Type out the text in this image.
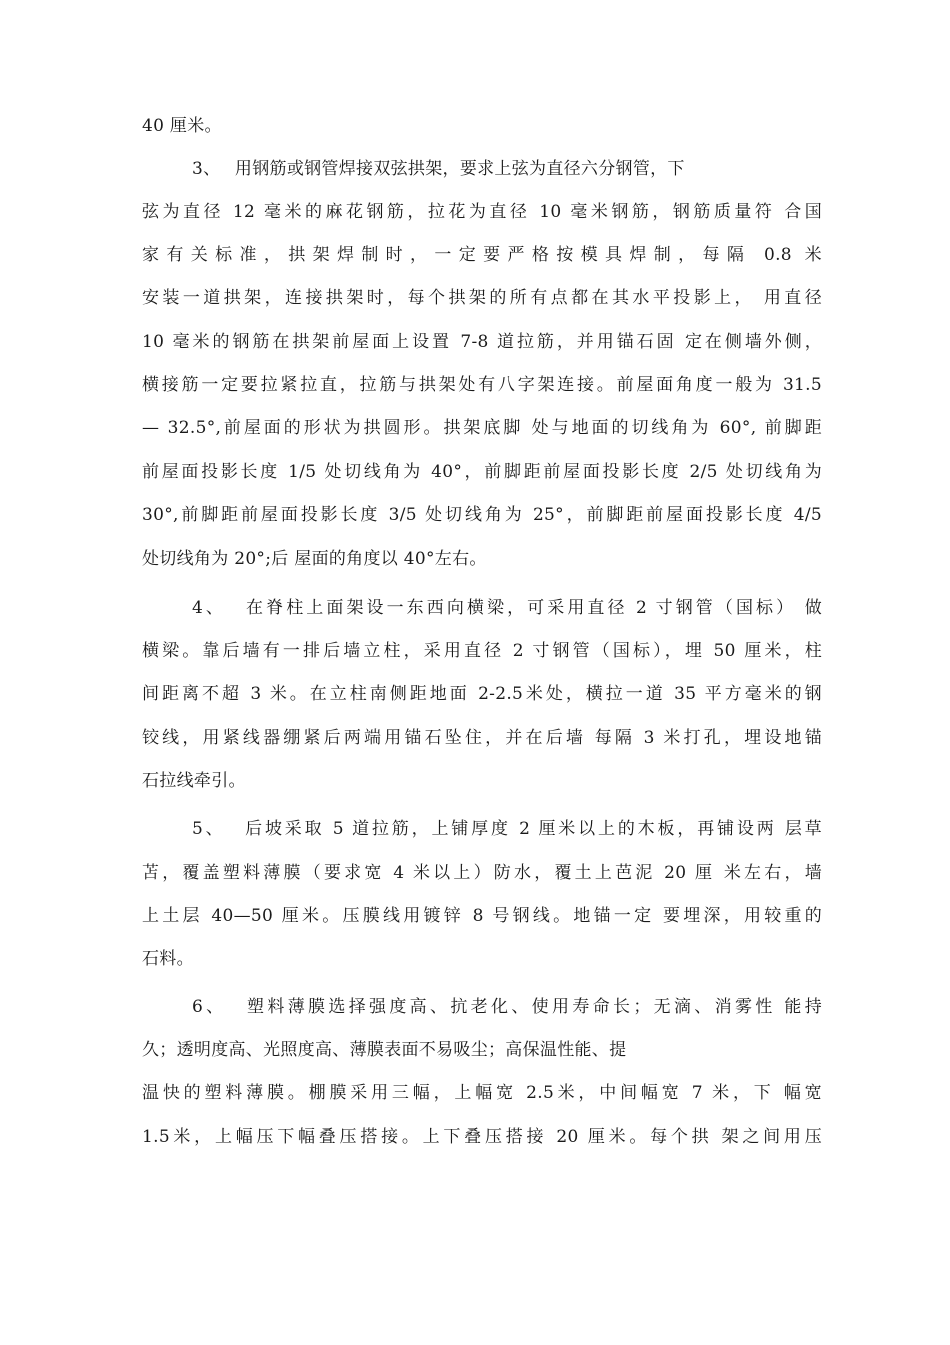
40 厘米。
3、　 用钢筋或钢管焊接双弦拱架，要求上弦为直径六分钢管，下
弦为直径 12 毫米的麻花钢筋，拉花为直径 10 毫米钢筋，钢筋质量符 合国
家有关标准，拱架焊制时，一定要严格按模具焊制，每隔 0.8 米
安装一道拱架，连接拱架时，每个拱架的所有点都在其水平投影上， 用直径
10 毫米的钢筋在拱架前屋面上设置 7-8 道拉筋，并用锚石固 定在侧墙外侧，
横接筋一定要拉紧拉直，拉筋与拱架处有八字架连接。前屋面角度一般为 31.5
— 32.5°,前屋面的形状为拱圆形。拱架底脚 处与地面的切线角为 60°, 前脚距
前屋面投影长度 1/5 处切线角为 40°，前脚距前屋面投影长度 2/5 处切线角为
30°,前脚距前屋面投影长度 3/5 处切线角为 25°，前脚距前屋面投影长度 4/5
处切线角为 20°;后 屋面的角度以 40°左右。
4、　 在脊柱上面架设一东西向横梁，可采用直径 2 寸钢管（国标） 做
横梁。靠后墙有一排后墙立柱，采用直径 2 寸钢管（国标），埋 50 厘米，柱
间距离不超 3 米。在立柱南侧距地面 2-2.5米处，横拉一道 35 平方毫米的钢
铰线，用紧线器绷紧后两端用锚石坠住，并在后墙 每隔 3 米打孔，埋设地锚
石拉线牵引。
5、　 后坡采取 5 道拉筋，上铺厚度 2 厘米以上的木板，再铺设两 层草
苫，覆盖塑料薄膜（要求宽 4 米以上）防水，覆土上芭泥 20 厘 米左右，墙
上土层 40—50 厘米。压膜线用镀锌 8 号钢线。地锚一定 要埋深，用较重的
石料。
6、　 塑料薄膜选择强度高、抗老化、使用寿命长；无滴、消雾性 能持
久；透明度高、光照度高、薄膜表面不易吸尘；高保温性能、提
温快的塑料薄膜。棚膜采用三幅，上幅宽 2.5米，中间幅宽 7 米，下 幅宽
1.5米，上幅压下幅叠压搭接。上下叠压搭接 20 厘米。每个拱 架之间用压
